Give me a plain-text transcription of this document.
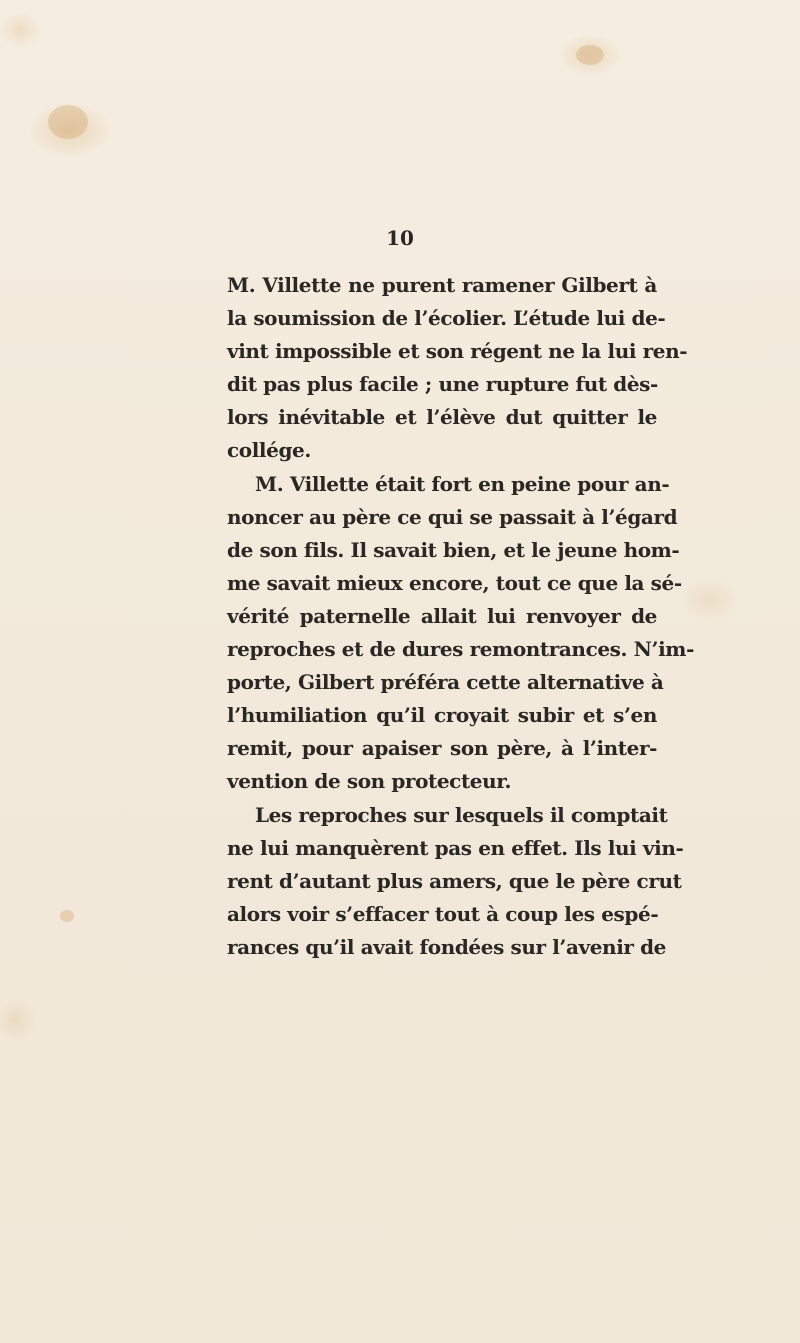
10

M. Villette ne purent ramener Gilbert à
la soumission de l’écolier. L’étude lui de-
vint impossible et son régent ne la lui ren-
dit pas plus facile ; une rupture fut dès-
lors inévitable et l’élève dut quitter le
collége.
M. Villette était fort en peine pour an-
noncer au père ce qui se passait à l’égard
de son fils. Il savait bien, et le jeune hom-
me savait mieux encore, tout ce que la sé-
vérité paternelle allait lui renvoyer de
reproches et de dures remontrances. N’im-
porte, Gilbert préféra cette alternative à
l’humiliation qu’il croyait subir et s’en
remit, pour apaiser son père, à l’inter-
vention de son protecteur.
Les reproches sur lesquels il comptait
ne lui manquèrent pas en effet. Ils lui vin-
rent d’autant plus amers, que le père crut
alors voir s’effacer tout à coup les espé-
rances qu’il avait fondées sur l’avenir de
